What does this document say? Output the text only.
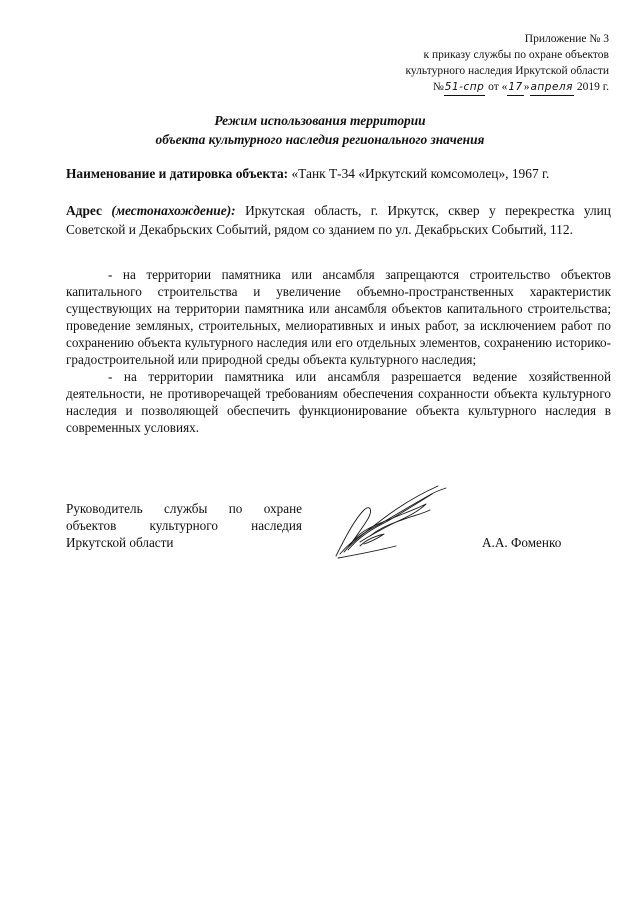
Приложение № 3
к приказу службы по охране объектов
культурного наследия Иркутской области
№51-спр от «17»апреля 2019 г.
Режим использования территории
объекта культурного наследия регионального значения
Наименование и датировка объекта: «Танк Т-34 «Иркутский комсомолец», 1967 г.
Адрес (местонахождение): Иркутская область, г. Иркутск, сквер у перекрестка улиц Советской и Декабрьских Событий, рядом со зданием по ул. Декабрьских Событий, 112.

- на территории памятника или ансамбля запрещаются строительство объектов капитального строительства и увеличение объемно-пространственных характеристик существующих на территории памятника или ансамбля объектов капитального строительства; проведение земляных, строительных, мелиоративных и иных работ, за исключением работ по сохранению объекта культурного наследия или его отдельных элементов, сохранению историко-градостроительной или природной среды объекта культурного наследия;

- на территории памятника или ансамбля разрешается ведение хозяйственной деятельности, не противоречащей требованиям обеспечения сохранности объекта культурного наследия и позволяющей обеспечить функционирование объекта культурного наследия в современных условиях.

Руководитель службы по охране
объектов культурного наследия
Иркутской области	А.А. Фоменко
